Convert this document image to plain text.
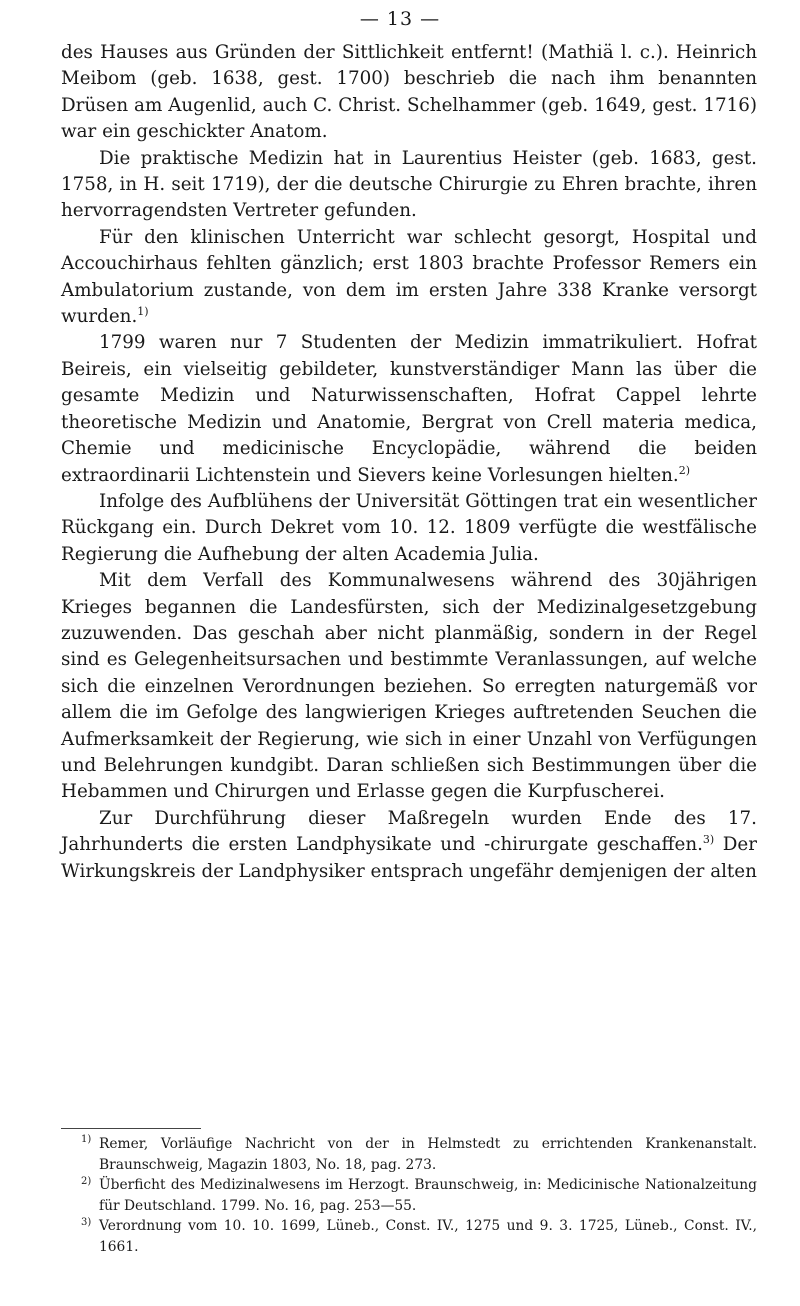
— 13 —

des Hauses aus Gründen der Sittlichkeit entfernt! (Mathiä l. c.). Heinrich Meibom (geb. 1638, gest. 1700) beschrieb die nach ihm benannten Drüsen am Augenlid, auch C. Christ. Schelhammer (geb. 1649, gest. 1716) war ein geschickter Anatom.

Die praktische Medizin hat in Laurentius Heister (geb. 1683, gest. 1758, in H. seit 1719), der die deutsche Chirurgie zu Ehren brachte, ihren hervorragendsten Vertreter gefunden.

Für den klinischen Unterricht war schlecht gesorgt, Hospital und Accouchirhaus fehlten gänzlich; erst 1803 brachte Professor Remers ein Ambulatorium zustande, von dem im ersten Jahre 338 Kranke versorgt wurden.$^{1)}$

1799 waren nur 7 Studenten der Medizin immatrikuliert. Hofrat Beireis, ein vielseitig gebildeter, kunstverständiger Mann las über die gesamte Medizin und Naturwissenschaften, Hofrat Cappel lehrte theoretische Medizin und Anatomie, Bergrat von Crell materia medica, Chemie und medicinische Encyclopädie, während die beiden extraordinarii Lichtenstein und Sievers keine Vorlesungen hielten.$^{2)}$

Infolge des Aufblühens der Universität Göttingen trat ein wesentlicher Rückgang ein. Durch Dekret vom 10. 12. 1809 verfügte die westfälische Regierung die Aufhebung der alten Academia Julia.

Mit dem Verfall des Kommunalwesens während des 30jährigen Krieges begannen die Landesfürsten, sich der Medizinalgesetzgebung zuzuwenden. Das geschah aber nicht planmäßig, sondern in der Regel sind es Gelegenheitsursachen und bestimmte Veranlassungen, auf welche sich die einzelnen Verordnungen beziehen. So erregten naturgemäß vor allem die im Gefolge des langwierigen Krieges auftretenden Seuchen die Aufmerksamkeit der Regierung, wie sich in einer Unzahl von Verfügungen und Belehrungen kundgibt. Daran schließen sich Bestimmungen über die Hebammen und Chirurgen und Erlasse gegen die Kurpfuscherei.

Zur Durchführung dieser Maßregeln wurden Ende des 17. Jahrhunderts die ersten Landphysikate und -chirurgate geschaffen.$^{3)}$ Der Wirkungskreis der Landphysiker entsprach ungefähr demjenigen der alten

1) Remer, Vorläufige Nachricht von der in Helmstedt zu errichtenden Krankenanstalt. Braunschweig, Magazin 1803, No. 18, pag. 273.

2) Überficht des Medizinalwesens im Herzogt. Braunschweig, in: Medicinische Nationalzeitung für Deutschland. 1799. No. 16, pag. 253—55.

3) Verordnung vom 10. 10. 1699, Lüneb., Const. IV., 1275 und 9. 3. 1725, Lüneb., Const. IV., 1661.
